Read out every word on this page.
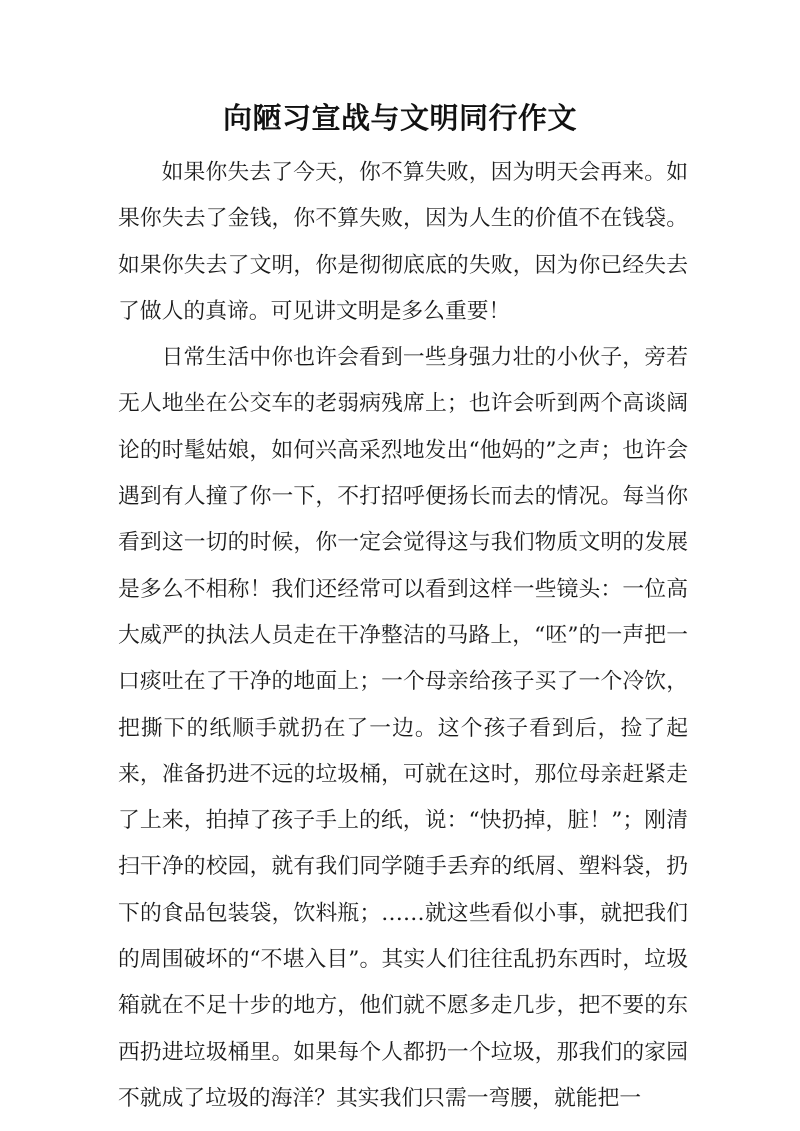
向陋习宣战与文明同行作文

如果你失去了今天，你不算失败，因为明天会再来。如果你失去了金钱，你不算失败，因为人生的价值不在钱袋。如果你失去了文明，你是彻彻底底的失败，因为你已经失去了做人的真谛。可见讲文明是多么重要！

日常生活中你也许会看到一些身强力壮的小伙子，旁若无人地坐在公交车的老弱病残席上；也许会听到两个高谈阔论的时髦姑娘，如何兴高采烈地发出“他妈的”之声；也许会遇到有人撞了你一下，不打招呼便扬长而去的情况。每当你看到这一切的时候，你一定会觉得这与我们物质文明的发展是多么不相称！我们还经常可以看到这样一些镜头：一位高大威严的执法人员走在干净整洁的马路上，“呸”的一声把一口痰吐在了干净的地面上；一个母亲给孩子买了一个冷饮，把撕下的纸顺手就扔在了一边。这个孩子看到后，捡了起来，准备扔进不远的垃圾桶，可就在这时，那位母亲赶紧走了上来，拍掉了孩子手上的纸，说：“快扔掉，脏！”；刚清扫干净的校园，就有我们同学随手丢弃的纸屑、塑料袋，扔下的食品包装袋，饮料瓶；……就这些看似小事，就把我们的周围破坏的“不堪入目”。其实人们往往乱扔东西时，垃圾箱就在不足十步的地方，他们就不愿多走几步，把不要的东西扔进垃圾桶里。如果每个人都扔一个垃圾，那我们的家园不就成了垃圾的海洋？其实我们只需一弯腰，就能把一
